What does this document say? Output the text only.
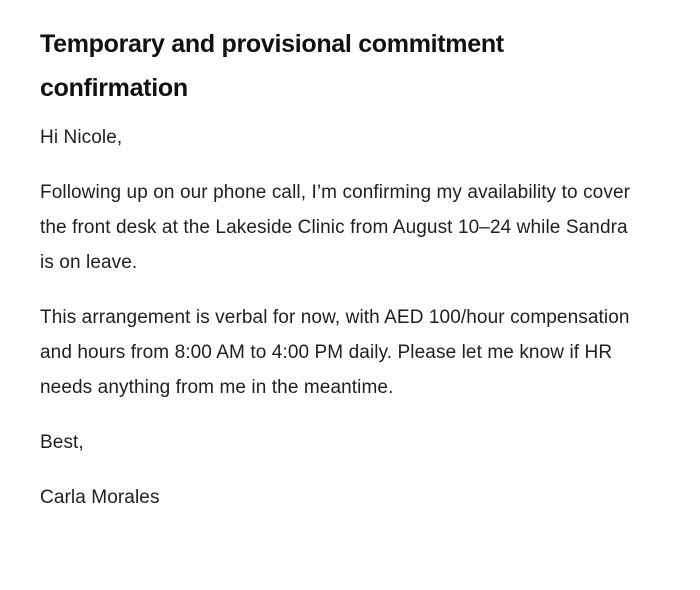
Temporary and provisional commitment confirmation

Hi Nicole,

Following up on our phone call, I’m confirming my availability to cover the front desk at the Lakeside Clinic from August 10–24 while Sandra is on leave.

This arrangement is verbal for now, with AED 100/hour compensation and hours from 8:00 AM to 4:00 PM daily. Please let me know if HR needs anything from me in the meantime.

Best,

Carla Morales
